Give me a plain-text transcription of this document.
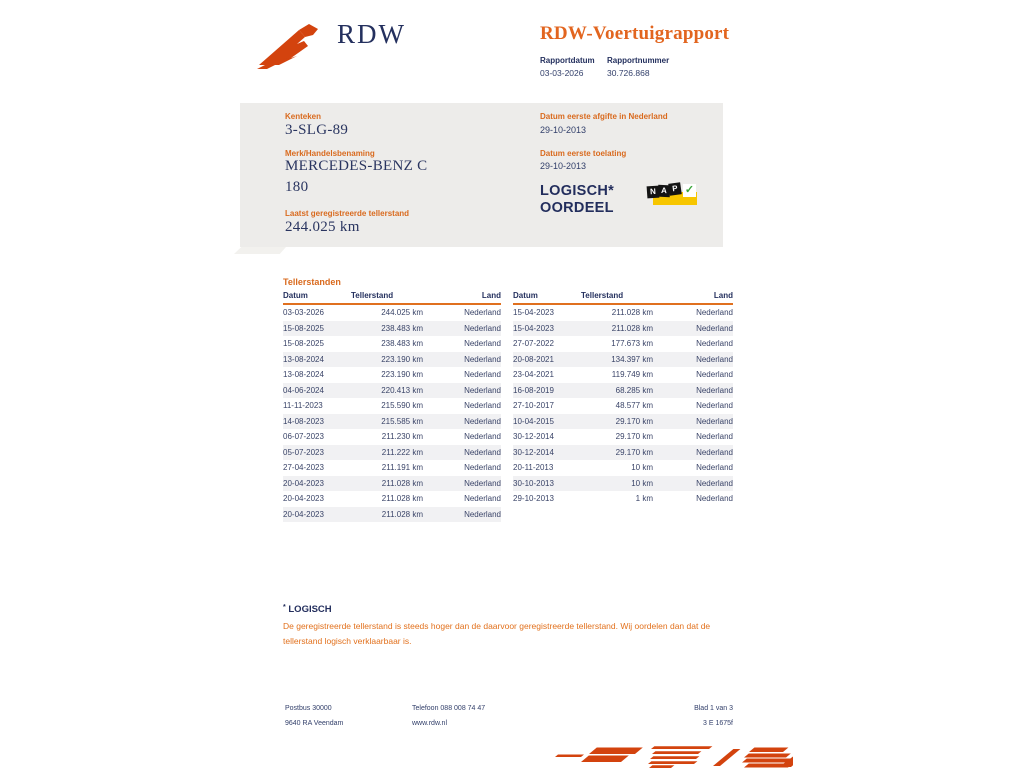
RDW	RDW-Voertuigrapport
Rapportdatum Rapportnummer
03-03-2026	30.726.868
Kenteken
3-SLG-89
Merk/Handelsbenaming
MERCEDES-BENZ C 180
Laatst geregistreerde tellerstand
244.025 km
Datum eerste afgifte in Nederland
29-10-2013
Datum eerste toelating
29-10-2013
LOGISCH*
OORDEEL
N A P ✓
Tellerstanden
Datum	Tellerstand	Land
03-03-2026	244.025 km	Nederland
15-08-2025	238.483 km	Nederland
15-08-2025	238.483 km	Nederland
13-08-2024	223.190 km	Nederland
13-08-2024	223.190 km	Nederland
04-06-2024	220.413 km	Nederland
11-11-2023	215.590 km	Nederland
14-08-2023	215.585 km	Nederland
06-07-2023	211.230 km	Nederland
05-07-2023	211.222 km	Nederland
27-04-2023	211.191 km	Nederland
20-04-2023	211.028 km	Nederland
20-04-2023	211.028 km	Nederland
20-04-2023	211.028 km	Nederland
Datum	Tellerstand	Land
15-04-2023	211.028 km	Nederland
15-04-2023	211.028 km	Nederland
27-07-2022	177.673 km	Nederland
20-08-2021	134.397 km	Nederland
23-04-2021	119.749 km	Nederland
16-08-2019	68.285 km	Nederland
27-10-2017	48.577 km	Nederland
10-04-2015	29.170 km	Nederland
30-12-2014	29.170 km	Nederland
30-12-2014	29.170 km	Nederland
20-11-2013	10 km	Nederland
30-10-2013	10 km	Nederland
29-10-2013	1 km	Nederland
* LOGISCH
De geregistreerde tellerstand is steeds hoger dan de daarvoor geregistreerde tellerstand. Wij oordelen dan dat de tellerstand logisch verklaarbaar is.
Postbus 30000
9640 RA Veendam
Telefoon 088 008 74 47
www.rdw.nl
Blad 1 van 3
3 E 1675f
